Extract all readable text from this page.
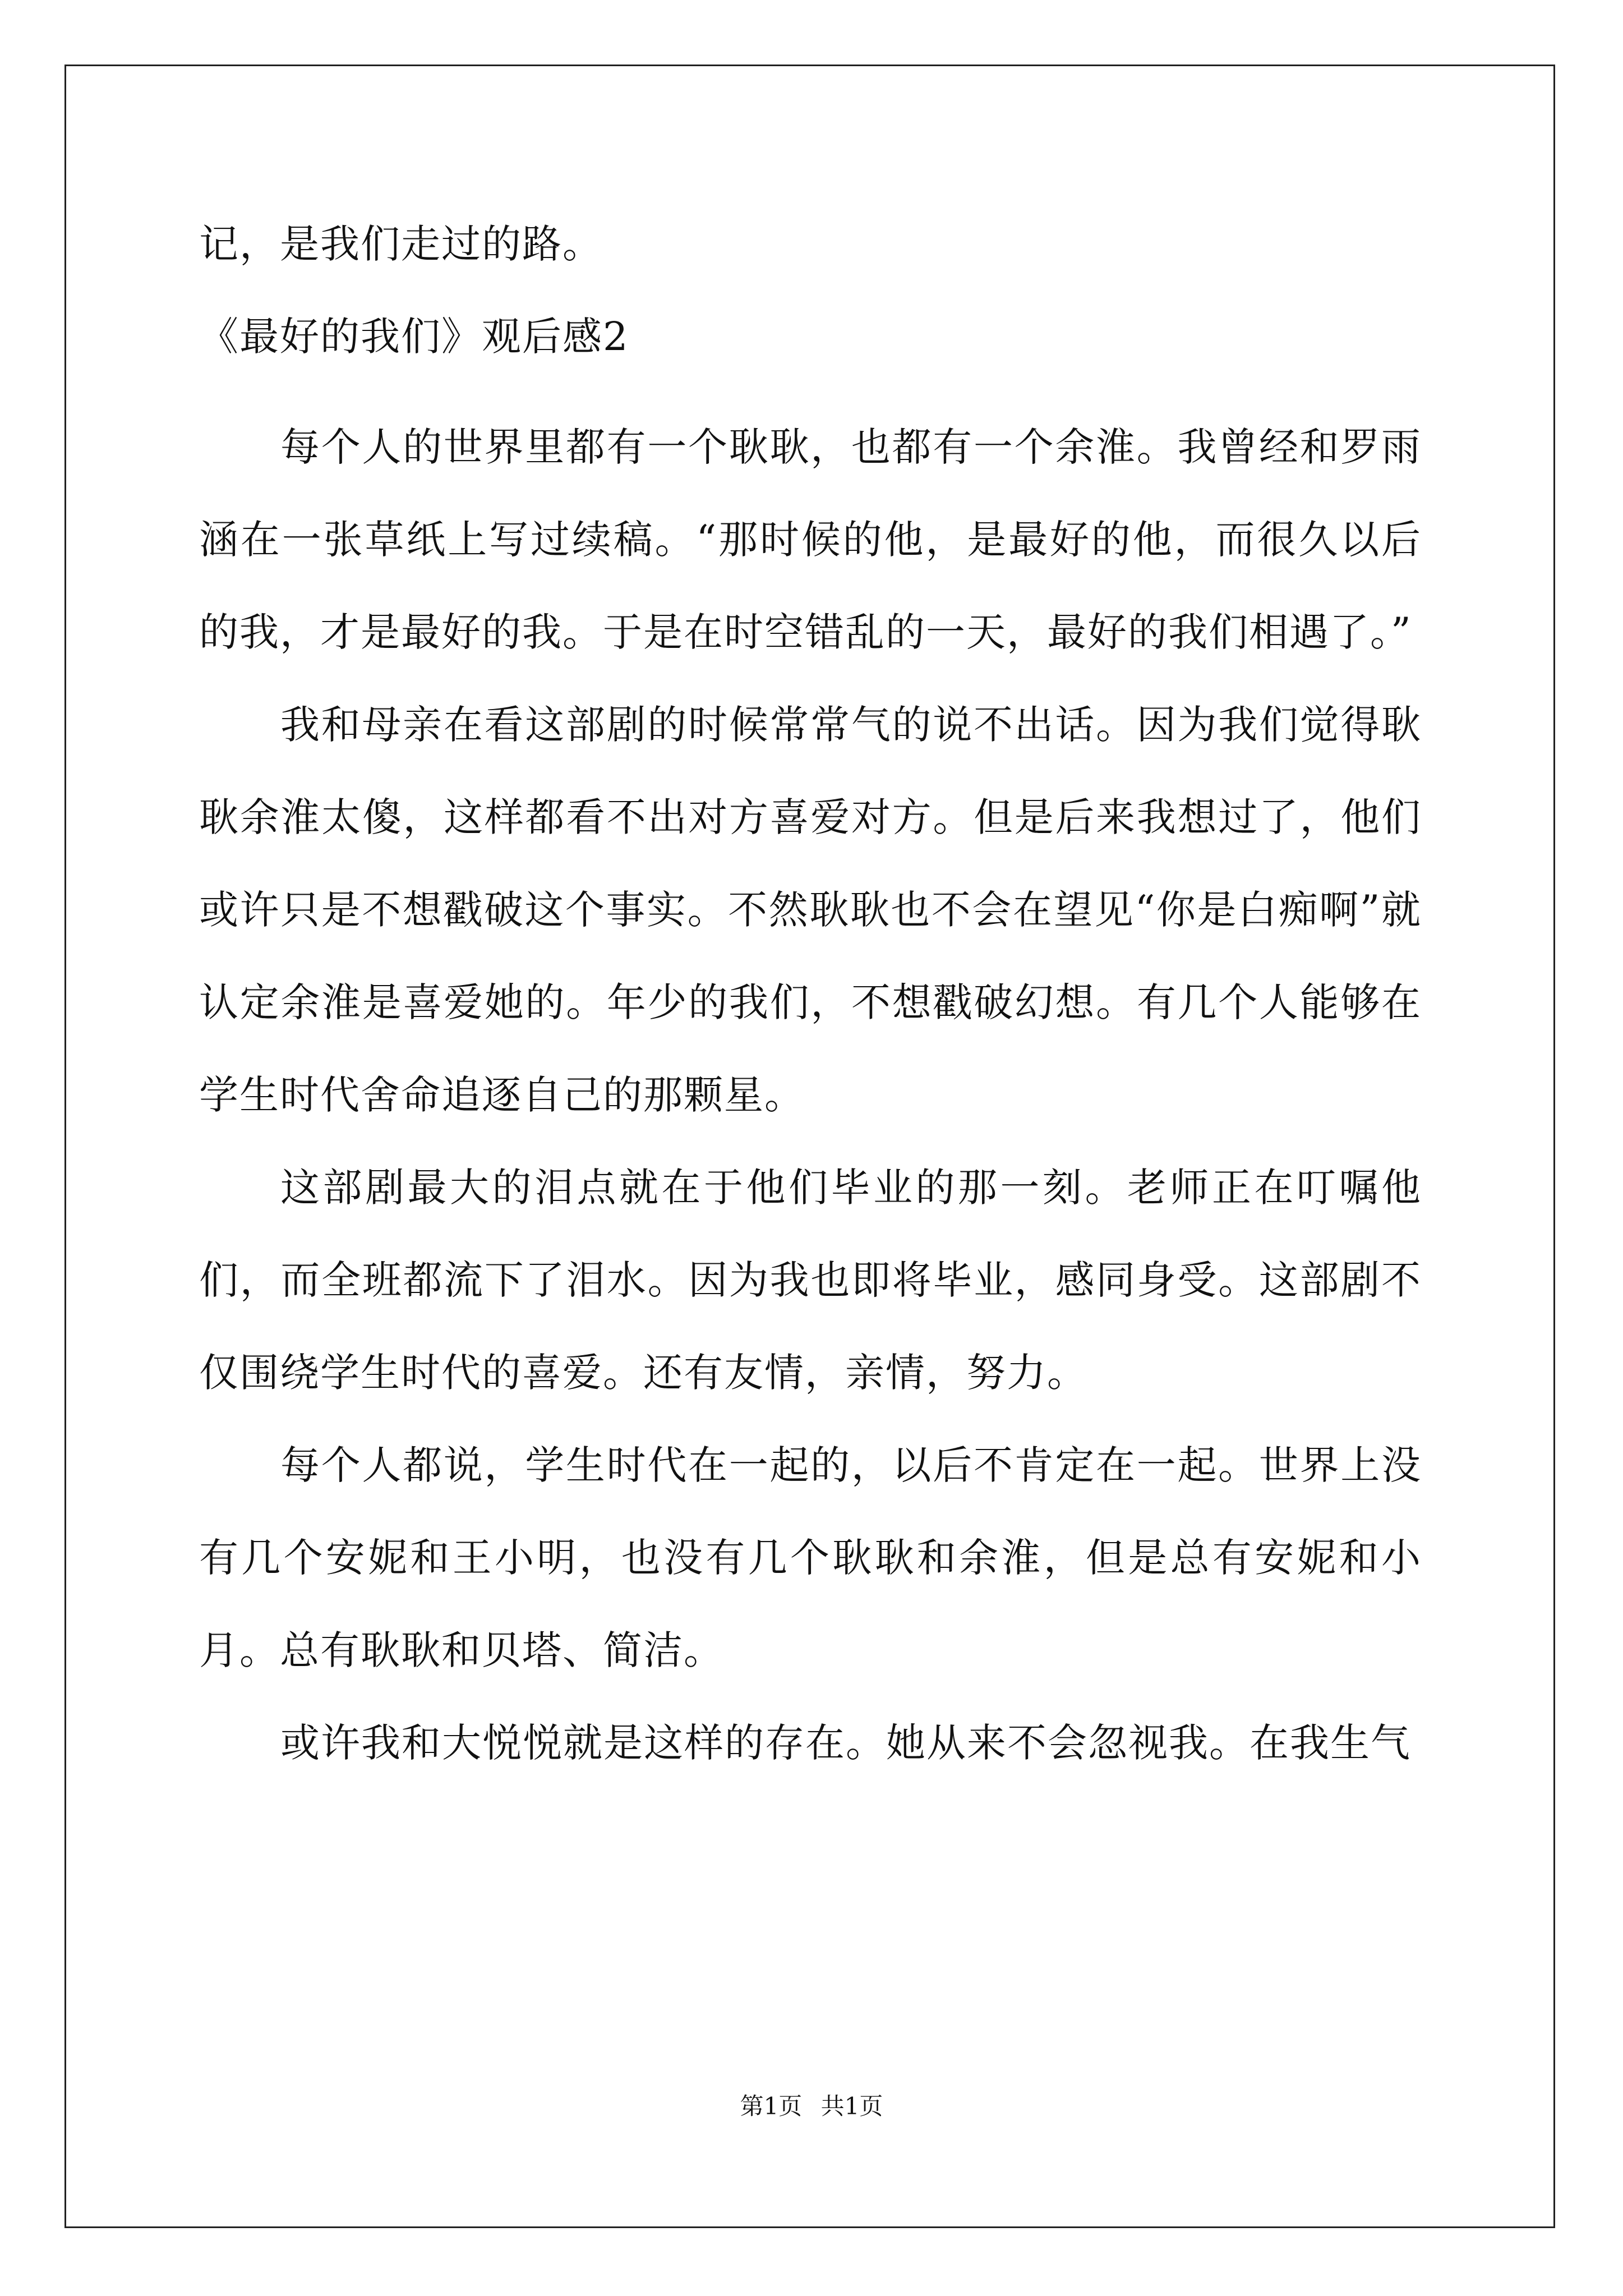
记，是我们走过的路。
《最好的我们》观后感2

每个人的世界里都有一个耿耿，也都有一个余淮。我曾经和罗雨涵在一张草纸上写过续稿。“那时候的他，是最好的他，而很久以后的我，才是最好的我。于是在时空错乱的一天，最好的我们相遇了。”

我和母亲在看这部剧的时候常常气的说不出话。因为我们觉得耿耿余淮太傻，这样都看不出对方喜爱对方。但是后来我想过了，他们或许只是不想戳破这个事实。不然耿耿也不会在望见“你是白痴啊”就认定余淮是喜爱她的。年少的我们，不想戳破幻想。有几个人能够在学生时代舍命追逐自己的那颗星。

这部剧最大的泪点就在于他们毕业的那一刻。老师正在叮嘱他们，而全班都流下了泪水。因为我也即将毕业，感同身受。这部剧不仅围绕学生时代的喜爱。还有友情，亲情，努力。

每个人都说，学生时代在一起的，以后不肯定在一起。世界上没有几个安妮和王小明，也没有几个耿耿和余淮，但是总有安妮和小月。总有耿耿和贝塔、简洁。

或许我和大悦悦就是这样的存在。她从来不会忽视我。在我生气

第1页 共1页
